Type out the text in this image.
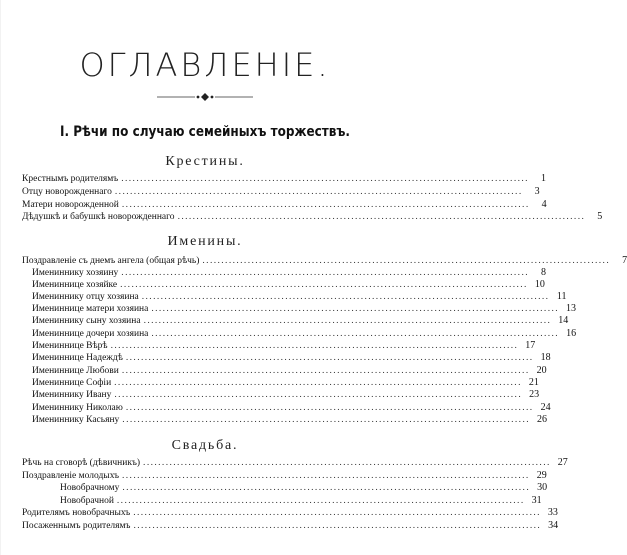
ОГЛАВЛЕНІЕ.
I. Рѣчи по случаю семейныхъ торжествъ.
Крестины.
Крестнымъ родителямъ ............................................................................................................	1
Отцу новорожденнаго ............................................................................................................	3
Матери новорожденной ............................................................................................................	4
Дѣдушкѣ и бабушкѣ новорожденнаго ............................................................................................................	5
Именины.
Поздравленіе съ днемъ ангела (общая рѣчь) ............................................................................................................	7
Имениннику хозяину ............................................................................................................	8
Имениннице хозяйке ............................................................................................................ 10
Имениннику отцу хозяина ............................................................................................................ 11
Имениннице матери хозяина ............................................................................................................ 13
Имениннику сыну хозяина ............................................................................................................ 14
Имениннице дочери хозяина ............................................................................................................ 16
Имениннице Вѣрѣ ............................................................................................................ 17
Имениннице Надеждѣ ............................................................................................................ 18
Имениннице Любови ............................................................................................................ 20
Имениннице Софіи ............................................................................................................ 21
Имениннику Ивану ............................................................................................................ 23
Имениннику Николаю ............................................................................................................ 24
Имениннику Касьяну ............................................................................................................ 26
Свадьба.
Рѣчь на сговорѣ (дѣвичникъ) ............................................................................................................ 27
Поздравленіе молодыхъ ............................................................................................................ 29
Новобрачному ............................................................................................................ 30
Новобрачной ............................................................................................................ 31
Родителямъ новобрачныхъ ............................................................................................................ 33
Посаженнымъ родителямъ ............................................................................................................ 34
